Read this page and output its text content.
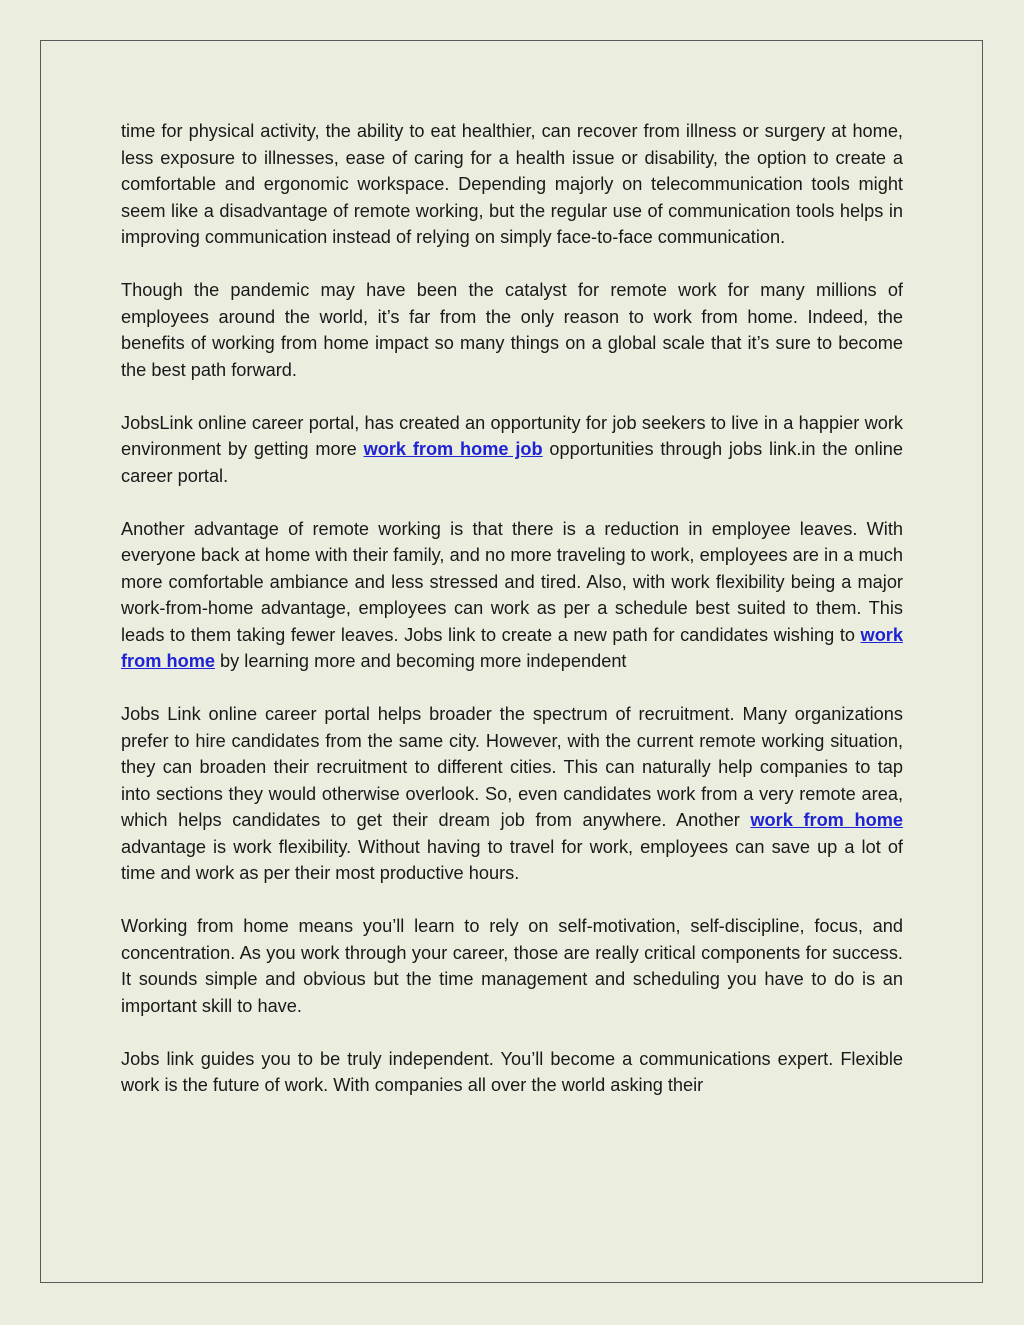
time for physical activity, the ability to eat healthier, can recover from illness or surgery at home, less exposure to illnesses, ease of caring for a health issue or disability, the option to create a comfortable and ergonomic workspace. Depending majorly on telecommunication tools might seem like a disadvantage of remote working, but the regular use of communication tools helps in improving communication instead of relying on simply face-to-face communication.

Though the pandemic may have been the catalyst for remote work for many millions of employees around the world, it’s far from the only reason to work from home. Indeed, the benefits of working from home impact so many things on a global scale that it’s sure to become the best path forward.

JobsLink online career portal, has created an opportunity for job seekers to live in a happier work environment by getting more work from home job opportunities through jobs link.in the online career portal.

Another advantage of remote working is that there is a reduction in employee leaves. With everyone back at home with their family, and no more traveling to work, employees are in a much more comfortable ambiance and less stressed and tired. Also, with work flexibility being a major work-from-home advantage, employees can work as per a schedule best suited to them. This leads to them taking fewer leaves. Jobs link to create a new path for candidates wishing to work from home by learning more and becoming more independent

Jobs Link online career portal helps broader the spectrum of recruitment. Many organizations prefer to hire candidates from the same city. However, with the current remote working situation, they can broaden their recruitment to different cities. This can naturally help companies to tap into sections they would otherwise overlook. So, even candidates work from a very remote area, which helps candidates to get their dream job from anywhere. Another work from home advantage is work flexibility. Without having to travel for work, employees can save up a lot of time and work as per their most productive hours.

Working from home means you’ll learn to rely on self-motivation, self-discipline, focus, and concentration. As you work through your career, those are really critical components for success. It sounds simple and obvious but the time management and scheduling you have to do is an important skill to have.

Jobs link guides you to be truly independent. You’ll become a communications expert. Flexible work is the future of work. With companies all over the world asking their
